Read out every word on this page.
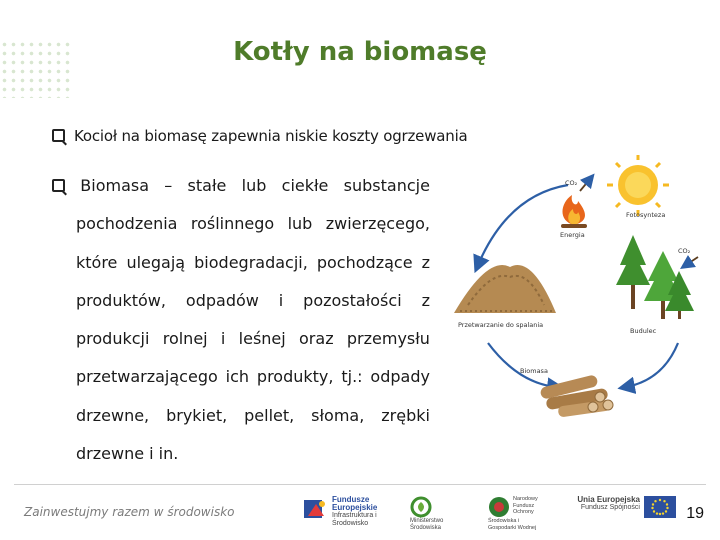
Kotły na biomasę
Kocioł na biomasę zapewnia niskie koszty ogrzewania
Biomasa – stałe lub ciekłe substancje
pochodzenia roślinnego lub zwierzęcego,
które ulegają biodegradacji, pochodzące z
produktów, odpadów i pozostałości z
produkcji rolnej i leśnej oraz przemysłu
przetwarzającego ich produkty, tj.: odpady
drzewne, brykiet, pellet, słoma, zrębki
drzewne i in.
Fotosynteza
CO₂
Energia
CO₂
Budulec
Przetwarzanie do spalania
Biomasa
Zainwestujmy razem w środowisko
Fundusze Europejskie
Infrastruktura i Środowisko	Ministerstwo Środowiska
Narodowy Fundusz Ochrony Środowiska i Gospodarki Wodnej
Unia Europejska
Fundusz Spójności	19
